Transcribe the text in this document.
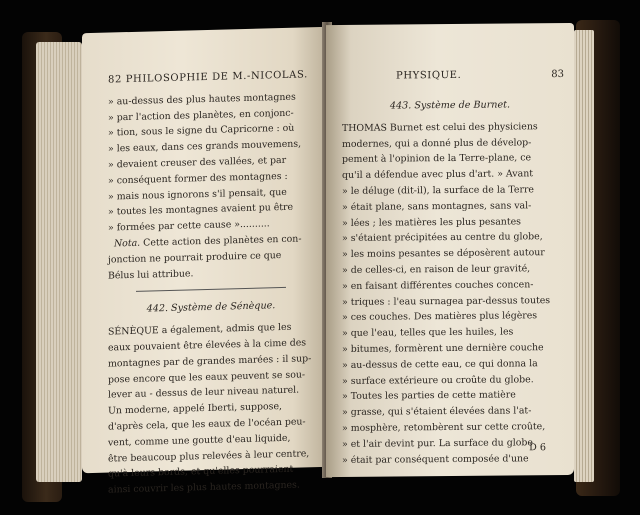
82 PHILOSOPHIE DE M.-NICOLAS.
» au-dessus des plus hautes montagnes
» par l'action des planètes, en conjonc-
» tion, sous le signe du Capricorne : où
» les eaux, dans ces grands mouvemens,
» devaient creuser des vallées, et par
» conséquent former des montagnes :
» mais nous ignorons s'il pensait, que
» toutes les montagnes avaient pu être
» formées par cette cause »..........
Nota. Cette action des planètes en con-
jonction ne pourrait produire ce que
Bélus lui attribue.
442. Système de Sénèque.
SÉNÈQUE a également, admis que les
eaux pouvaient être élevées à la cime des
montagnes par de grandes marées : il sup-
pose encore que les eaux peuvent se sou-
lever au - dessus de leur niveau naturel.
Un moderne, appelé Iberti, suppose,
d'après cela, que les eaux de l'océan peu-
vent, comme une goutte d'eau liquide,
être beaucoup plus relevées à leur centre,
qu'à leurs bords, et qu'elles pourraient
ainsi couvrir les plus hautes montagnes.
PHYSIQUE.	83
443. Système de Burnet.
THOMAS Burnet est celui des physiciens
modernes, qui a donné plus de dévelop-
pement à l'opinion de la Terre-plane, ce
qu'il a défendue avec plus d'art. » Avant
» le déluge (dit-il), la surface de la Terre
» était plane, sans montagnes, sans val-
» lées ; les matières les plus pesantes
» s'étaient précipitées au centre du globe,
» les moins pesantes se déposèrent autour
» de celles-ci, en raison de leur gravité,
» en faisant différentes couches concen-
» triques : l'eau surnagea par-dessus toutes
» ces couches. Des matières plus légères
» que l'eau, telles que les huiles, les
» bitumes, formèrent une dernière couche
» au-dessus de cette eau, ce qui donna la
» surface extérieure ou croûte du globe.
» Toutes les parties de cette matière
» grasse, qui s'étaient élevées dans l'at-
» mosphère, retombèrent sur cette croûte,
» et l'air devint pur. La surface du globe
» était par conséquent composée d'une
D 6
